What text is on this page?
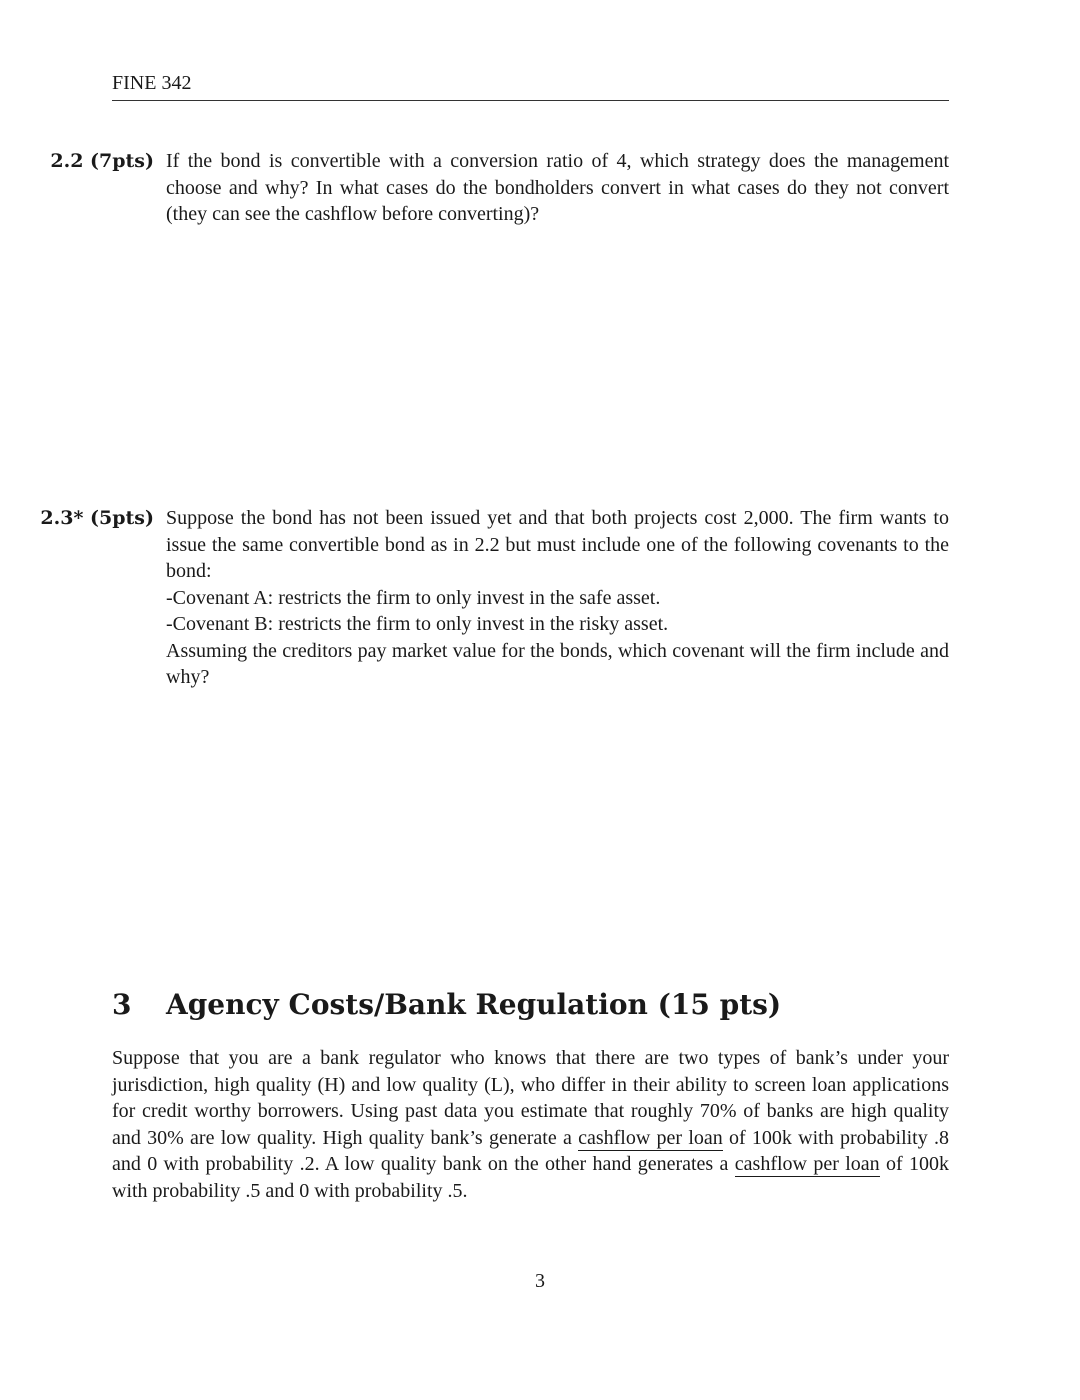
FINE 342
2.2 (7pts) If the bond is convertible with a conversion ratio of 4, which strategy does the management choose and why? In what cases do the bondholders convert in what cases do they not convert (they can see the cashflow before converting)?
2.3* (5pts) Suppose the bond has not been issued yet and that both projects cost 2,000. The firm wants to issue the same convertible bond as in 2.2 but must include one of the following covenants to the bond:
-Covenant A: restricts the firm to only invest in the safe asset.
-Covenant B: restricts the firm to only invest in the risky asset.
Assuming the creditors pay market value for the bonds, which covenant will the firm include and why?
3 Agency Costs/Bank Regulation (15 pts)
Suppose that you are a bank regulator who knows that there are two types of bank’s under your jurisdiction, high quality (H) and low quality (L), who differ in their ability to screen loan applications for credit worthy borrowers. Using past data you estimate that roughly 70% of banks are high quality and 30% are low quality. High quality bank’s generate a cashflow per loan of 100k with probability .8 and 0 with probability .2. A low quality bank on the other hand generates a cashflow per loan of 100k with probability .5 and 0 with probability .5.
3
